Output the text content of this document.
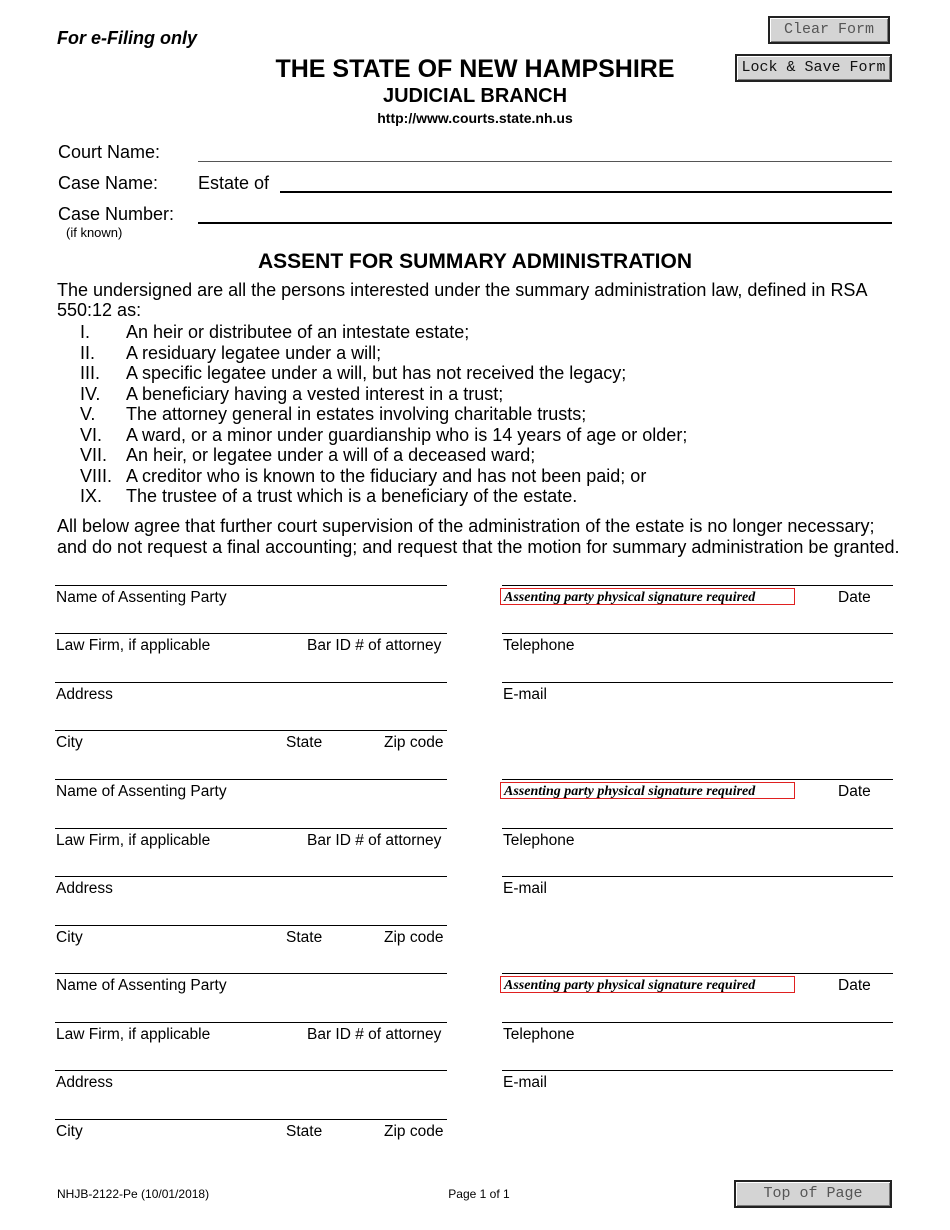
For e-Filing only
THE STATE OF NEW HAMPSHIRE
JUDICIAL BRANCH
http://www.courts.state.nh.us
Clear Form
Lock & Save Form
Court Name:
Case Name: Estate of
Case Number:
(if known)
ASSENT FOR SUMMARY ADMINISTRATION
The undersigned are all the persons interested under the summary administration law, defined in RSA 550:12 as:
I. An heir or distributee of an intestate estate;
II. A residuary legatee under a will;
III. A specific legatee under a will, but has not received the legacy;
IV. A beneficiary having a vested interest in a trust;
V. The attorney general in estates involving charitable trusts;
VI. A ward, or a minor under guardianship who is 14 years of age or older;
VII. An heir, or legatee under a will of a deceased ward;
VIII. A creditor who is known to the fiduciary and has not been paid; or
IX. The trustee of a trust which is a beneficiary of the estate.
All below agree that further court supervision of the administration of the estate is no longer necessary; and do not request a final accounting; and request that the motion for summary administration be granted.
Name of Assenting Party	Assenting party physical signature required	Date
Law Firm, if applicable	Bar ID # of attorney	Telephone
Address	E-mail
City	State	Zip code
Name of Assenting Party	Assenting party physical signature required	Date
Law Firm, if applicable	Bar ID # of attorney	Telephone
Address	E-mail
City	State	Zip code
Name of Assenting Party	Assenting party physical signature required	Date
Law Firm, if applicable	Bar ID # of attorney	Telephone
Address	E-mail
City	State	Zip code
NHJB-2122-Pe (10/01/2018)	Page 1 of 1	Top of Page
